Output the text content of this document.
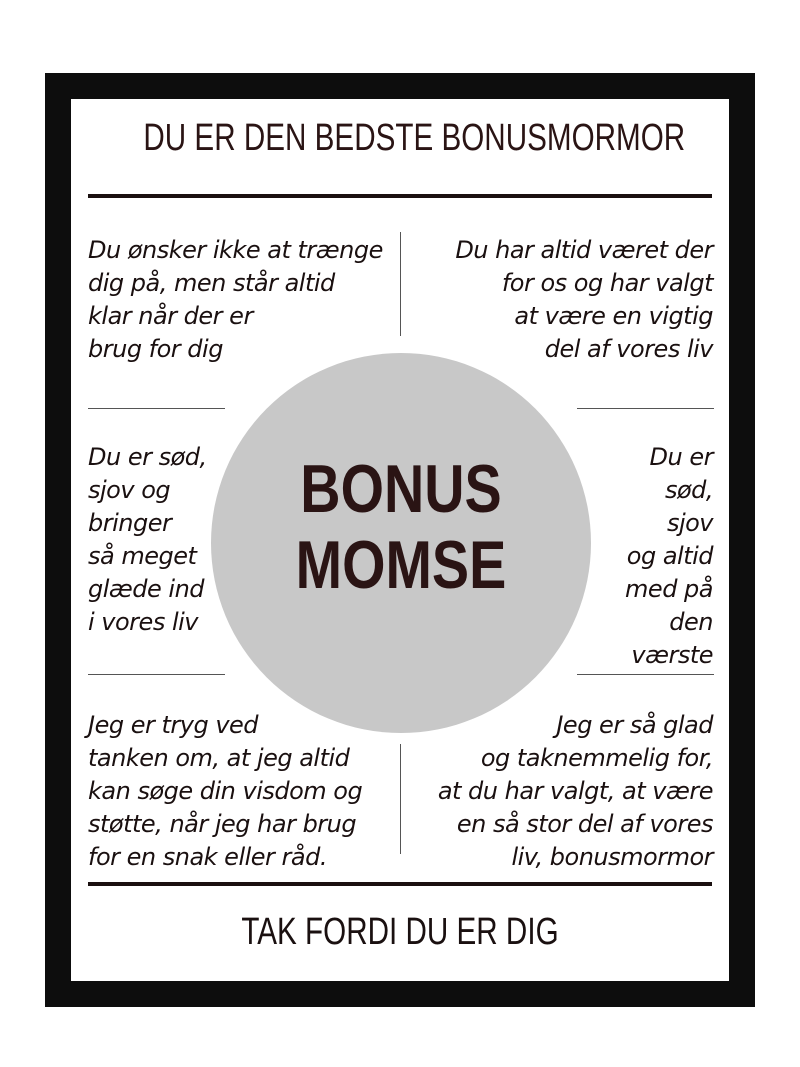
DU ER DEN BEDSTE BONUSMORMOR
BONUS
MOMSE
Du ønsker ikke at trænge
dig på, men står altid
klar når der er
brug for dig
Du har altid været der
for os og har valgt
at være en vigtig
del af vores liv
Du er sød,
sjov og
bringer
så meget
glæde ind
i vores liv
Du er
sød,
sjov
og altid
med på
den værste
Jeg er tryg ved
tanken om, at jeg altid
kan søge din visdom og
støtte, når jeg har brug
for en snak eller råd.
Jeg er så glad
og taknemmelig for,
at du har valgt, at være
en så stor del af vores
liv, bonusmormor
TAK FORDI DU ER DIG
